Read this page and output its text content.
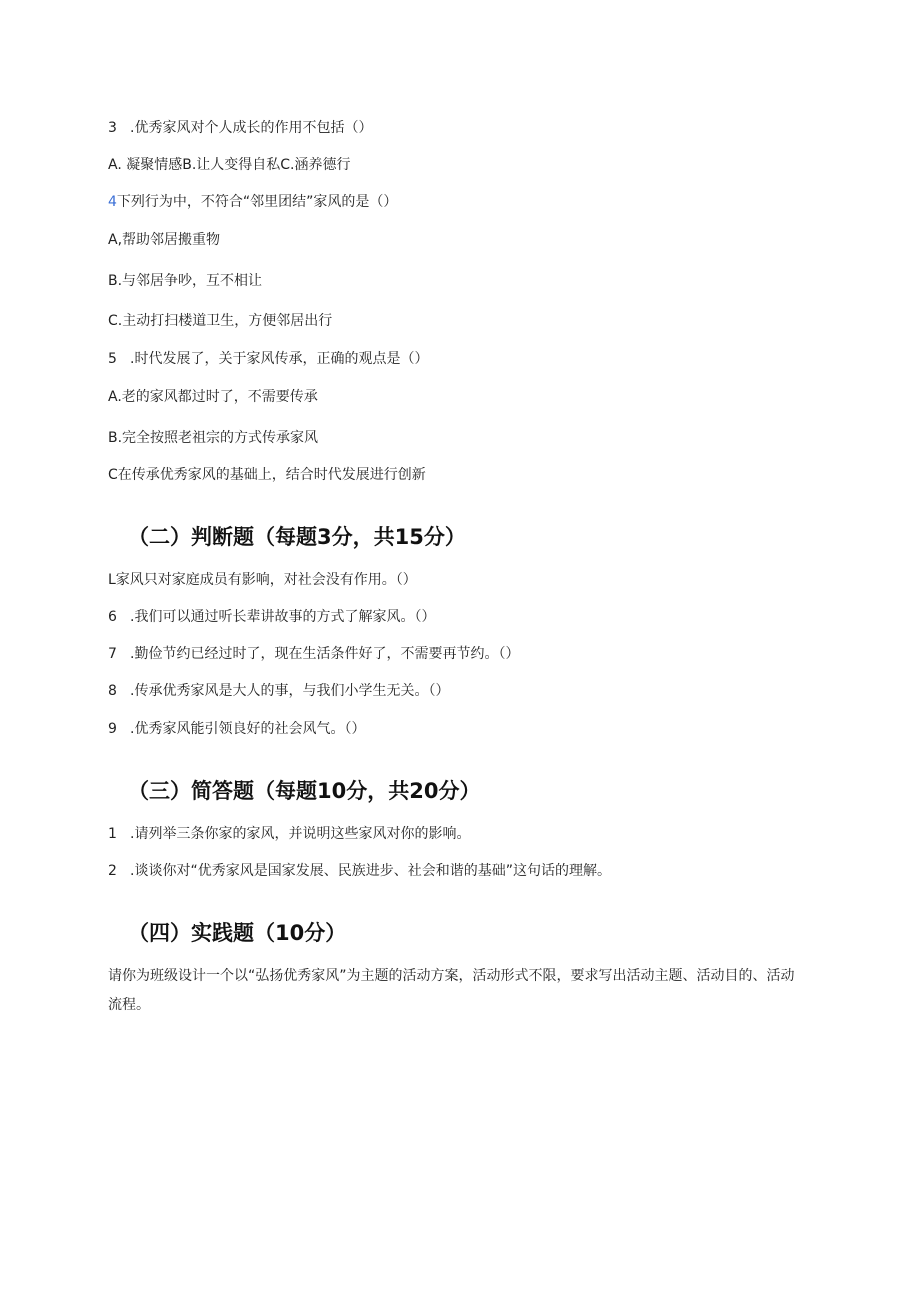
3 .优秀家风对个人成长的作用不包括（）
A. 凝聚情感B.让人变得自私C.涵养德行
4下列行为中，不符合“邻里团结”家风的是（）
A,帮助邻居搬重物
B.与邻居争吵，互不相让
C.主动打扫楼道卫生，方便邻居出行
5 .时代发展了，关于家风传承，正确的观点是（）
A.老的家风都过时了，不需要传承
B.完全按照老祖宗的方式传承家风
C在传承优秀家风的基础上，结合时代发展进行创新
（二）判断题（每题3分，共15分）
L家风只对家庭成员有影响，对社会没有作用。（）
6 .我们可以通过听长辈讲故事的方式了解家风。（）
7 .勤俭节约已经过时了，现在生活条件好了，不需要再节约。（）
8 .传承优秀家风是大人的事，与我们小学生无关。（）
9 .优秀家风能引领良好的社会风气。（）
（三）简答题（每题10分，共20分）
1 .请列举三条你家的家风，并说明这些家风对你的影响。
2 .谈谈你对“优秀家风是国家发展、民族进步、社会和谐的基础”这句话的理解。
（四）实践题（10分）
请你为班级设计一个以“弘扬优秀家风”为主题的活动方案，活动形式不限，要求写出活动主题、活动目的、活动流程。
